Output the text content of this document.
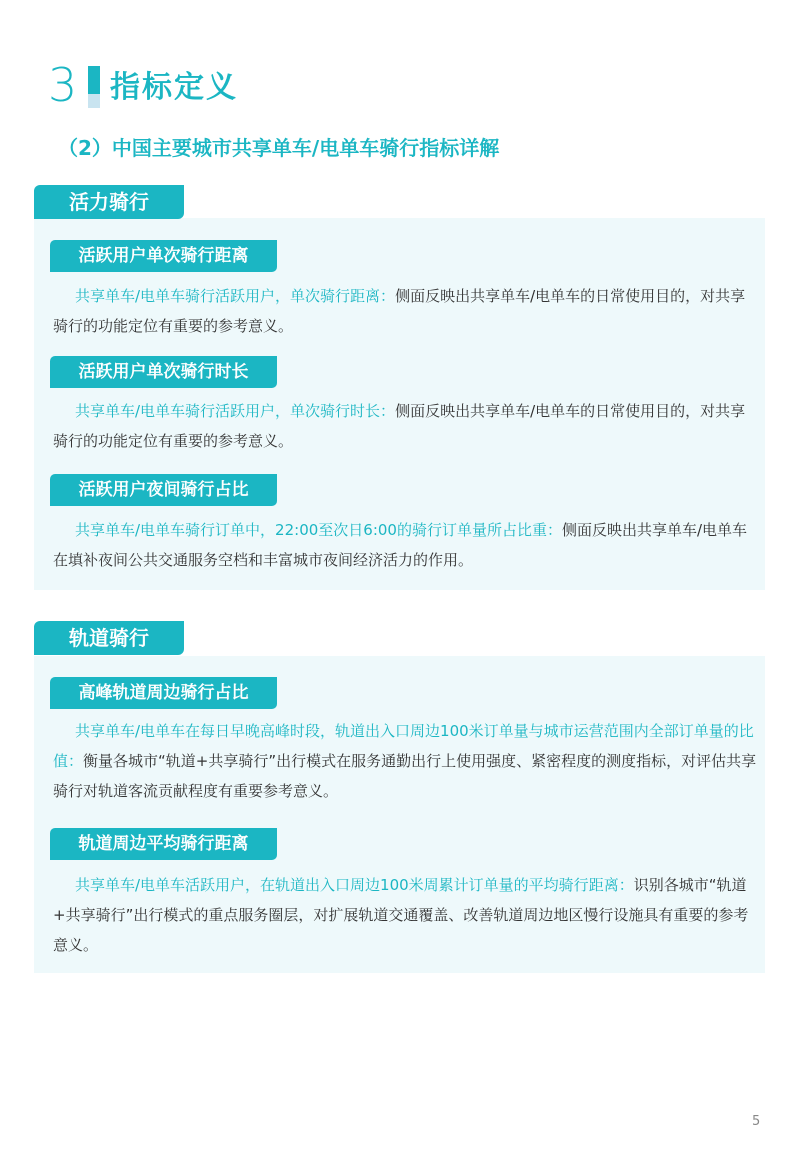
3 指标定义
（2）中国主要城市共享单车/电单车骑行指标详解
活力骑行
活跃用户单次骑行距离

共享单车/电单车骑行活跃用户，单次骑行距离：侧面反映出共享单车/电单车的日常使用目的，对共享骑行的功能定位有重要的参考意义。

活跃用户单次骑行时长

共享单车/电单车骑行活跃用户，单次骑行时长：侧面反映出共享单车/电单车的日常使用目的，对共享骑行的功能定位有重要的参考意义。

活跃用户夜间骑行占比

共享单车/电单车骑行订单中，22:00至次日6:00的骑行订单量所占比重：侧面反映出共享单车/电单车在填补夜间公共交通服务空档和丰富城市夜间经济活力的作用。

轨道骑行
高峰轨道周边骑行占比

共享单车/电单车在每日早晚高峰时段，轨道出入口周边100米订单量与城市运营范围内全部订单量的比值：衡量各城市“轨道+共享骑行”出行模式在服务通勤出行上使用强度、紧密程度的测度指标，对评估共享骑行对轨道客流贡献程度有重要参考意义。

轨道周边平均骑行距离

共享单车/电单车活跃用户，在轨道出入口周边100米周累计订单量的平均骑行距离：识别各城市“轨道+共享骑行”出行模式的重点服务圈层，对扩展轨道交通覆盖、改善轨道周边地区慢行设施具有重要的参考意义。

5
